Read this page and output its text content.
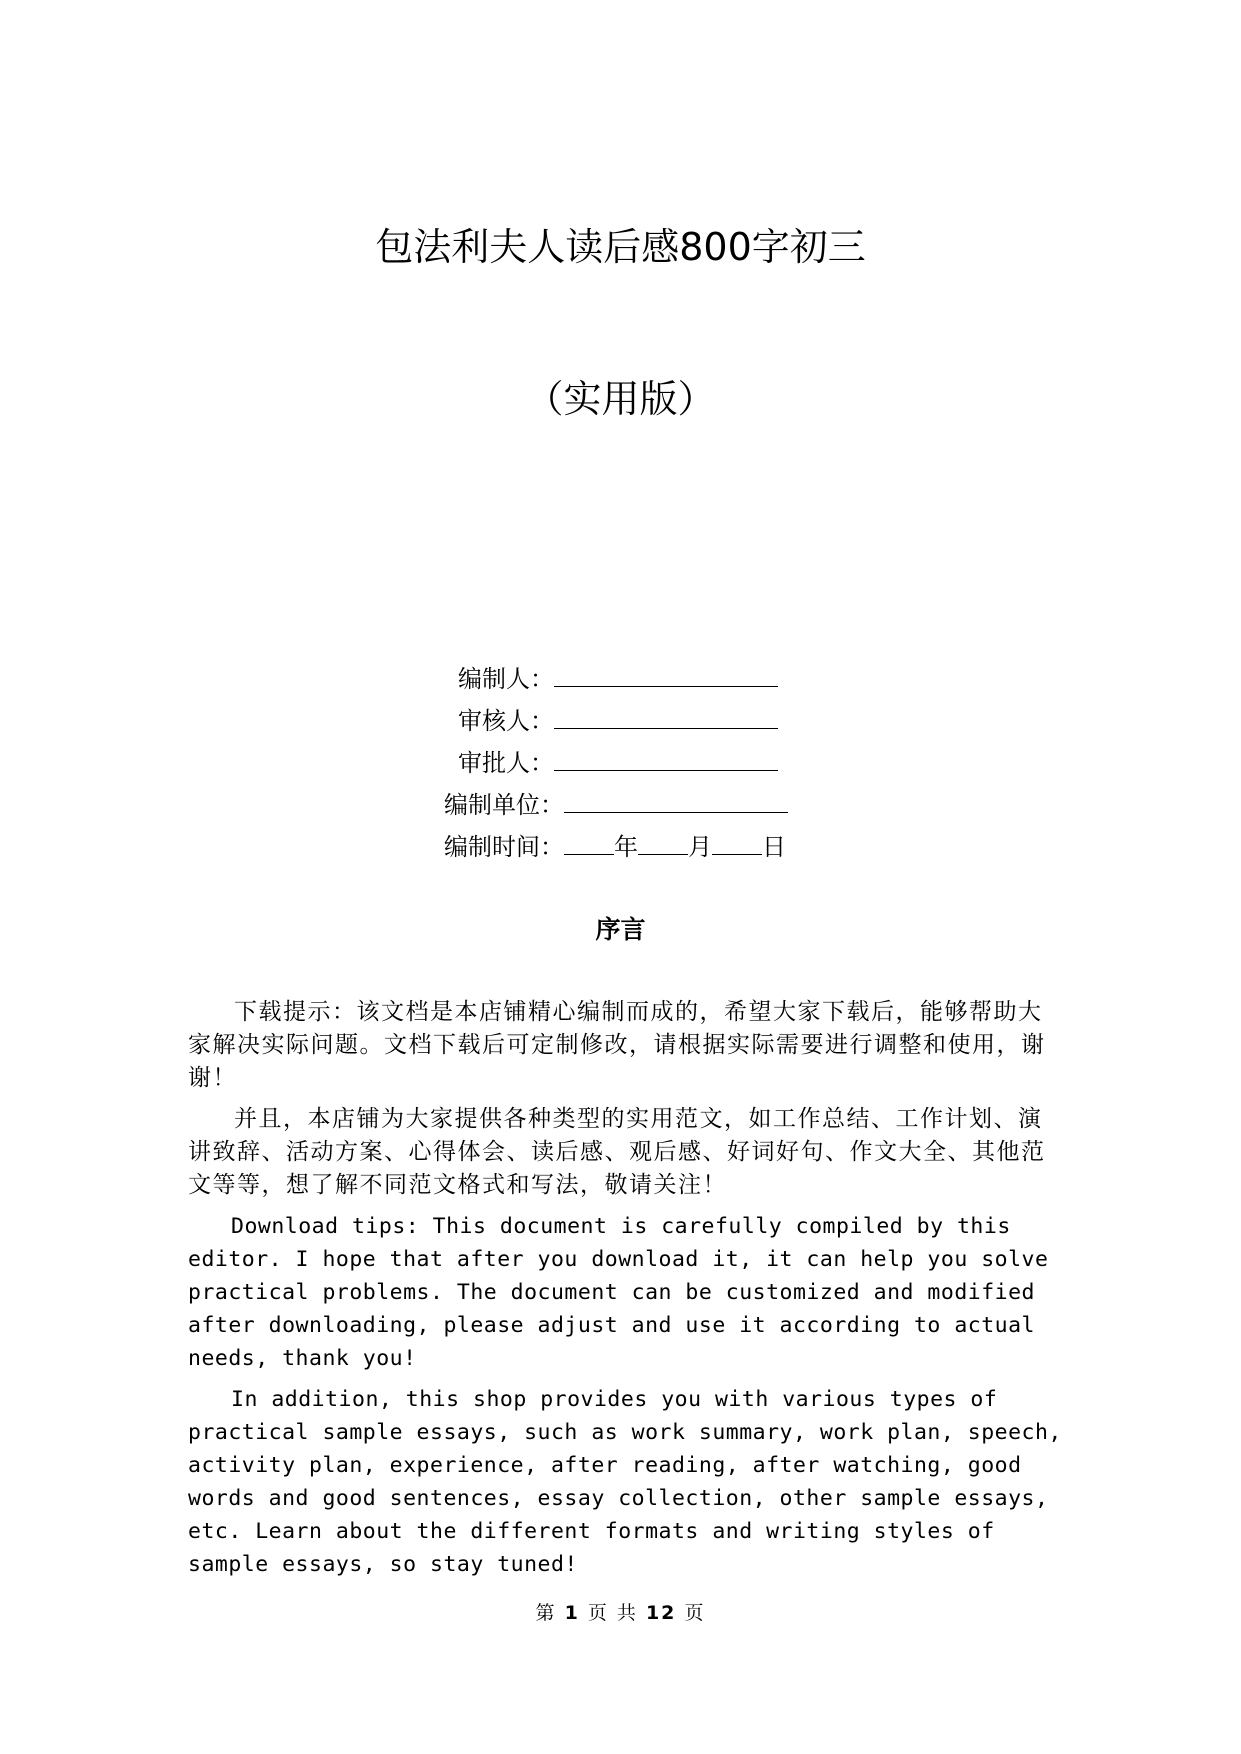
包法利夫人读后感800字初三
（实用版）
编制人：
审核人：
审批人：
编制单位：
编制时间： 年 月 日
序言

下载提示：该文档是本店铺精心编制而成的，希望大家下载后，能够帮助大家解决实际问题。文档下载后可定制修改，请根据实际需要进行调整和使用，谢谢！

并且，本店铺为大家提供各种类型的实用范文，如工作总结、工作计划、演讲致辞、活动方案、心得体会、读后感、观后感、好词好句、作文大全、其他范文等等，想了解不同范文格式和写法，敬请关注！

Download tips: This document is carefully compiled by this editor. I hope that after you download it, it can help you solve practical problems. The document can be customized and modified after downloading, please adjust and use it according to actual needs, thank you!

In addition, this shop provides you with various types of practical sample essays, such as work summary, work plan, speech, activity plan, experience, after reading, after watching, good words and good sentences, essay collection, other sample essays, etc. Learn about the different formats and writing styles of sample essays, so stay tuned!

第 1 页 共 12 页
